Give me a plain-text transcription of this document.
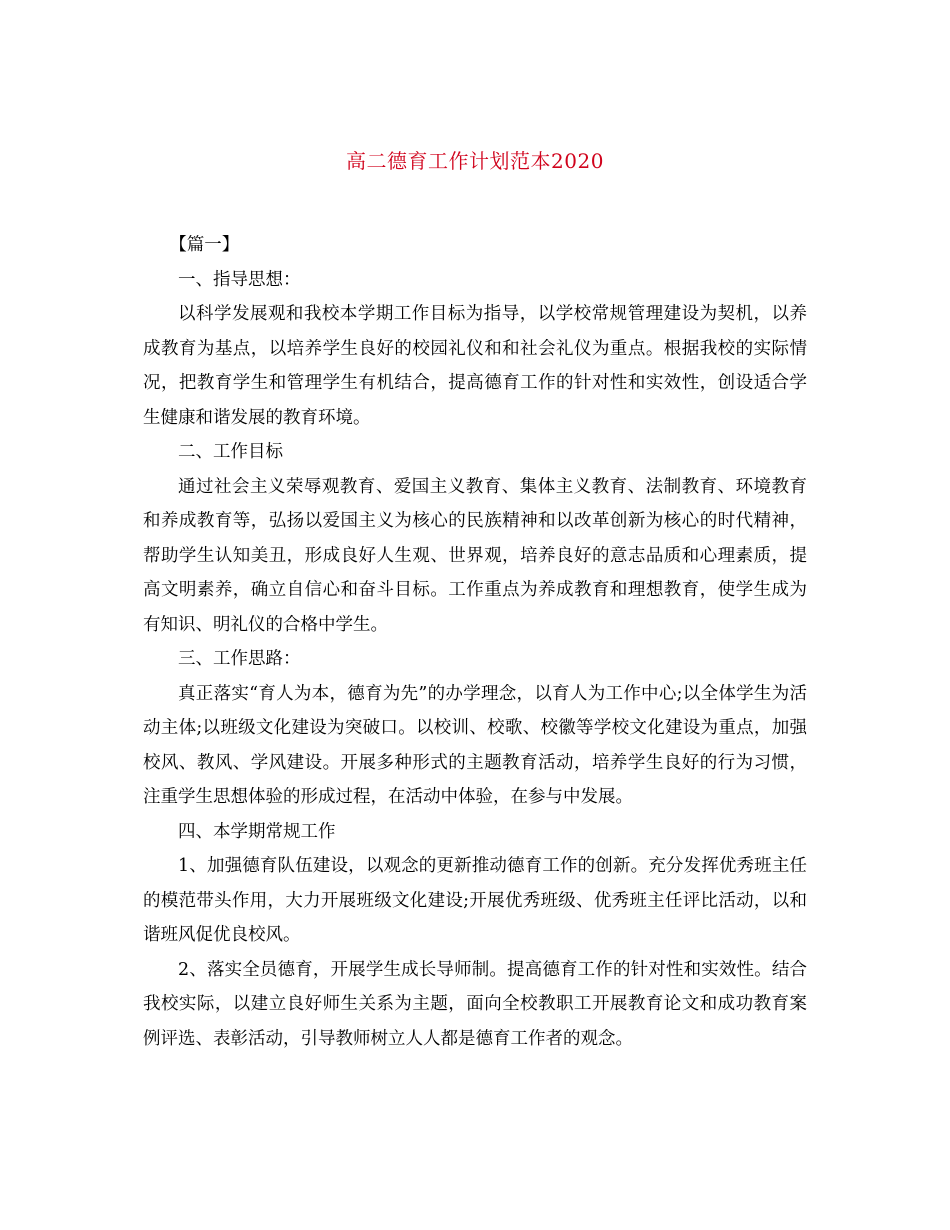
高二德育工作计划范本2020

【篇一】

一、指导思想：

以科学发展观和我校本学期工作目标为指导，以学校常规管理建设为契机，以养成教育为基点，以培养学生良好的校园礼仪和和社会礼仪为重点。根据我校的实际情况，把教育学生和管理学生有机结合，提高德育工作的针对性和实效性，创设适合学生健康和谐发展的教育环境。

二、工作目标

通过社会主义荣辱观教育、爱国主义教育、集体主义教育、法制教育、环境教育和养成教育等，弘扬以爱国主义为核心的民族精神和以改革创新为核心的时代精神，帮助学生认知美丑，形成良好人生观、世界观，培养良好的意志品质和心理素质，提高文明素养，确立自信心和奋斗目标。工作重点为养成教育和理想教育，使学生成为有知识、明礼仪的合格中学生。

三、工作思路：

真正落实“育人为本，德育为先”的办学理念，以育人为工作中心;以全体学生为活动主体;以班级文化建设为突破口。以校训、校歌、校徽等学校文化建设为重点，加强校风、教风、学风建设。开展多种形式的主题教育活动，培养学生良好的行为习惯，注重学生思想体验的形成过程，在活动中体验，在参与中发展。

四、本学期常规工作

1、加强德育队伍建设，以观念的更新推动德育工作的创新。充分发挥优秀班主任的模范带头作用，大力开展班级文化建设;开展优秀班级、优秀班主任评比活动，以和谐班风促优良校风。

2、落实全员德育，开展学生成长导师制。提高德育工作的针对性和实效性。结合我校实际，以建立良好师生关系为主题，面向全校教职工开展教育论文和成功教育案例评选、表彰活动，引导教师树立人人都是德育工作者的观念。
